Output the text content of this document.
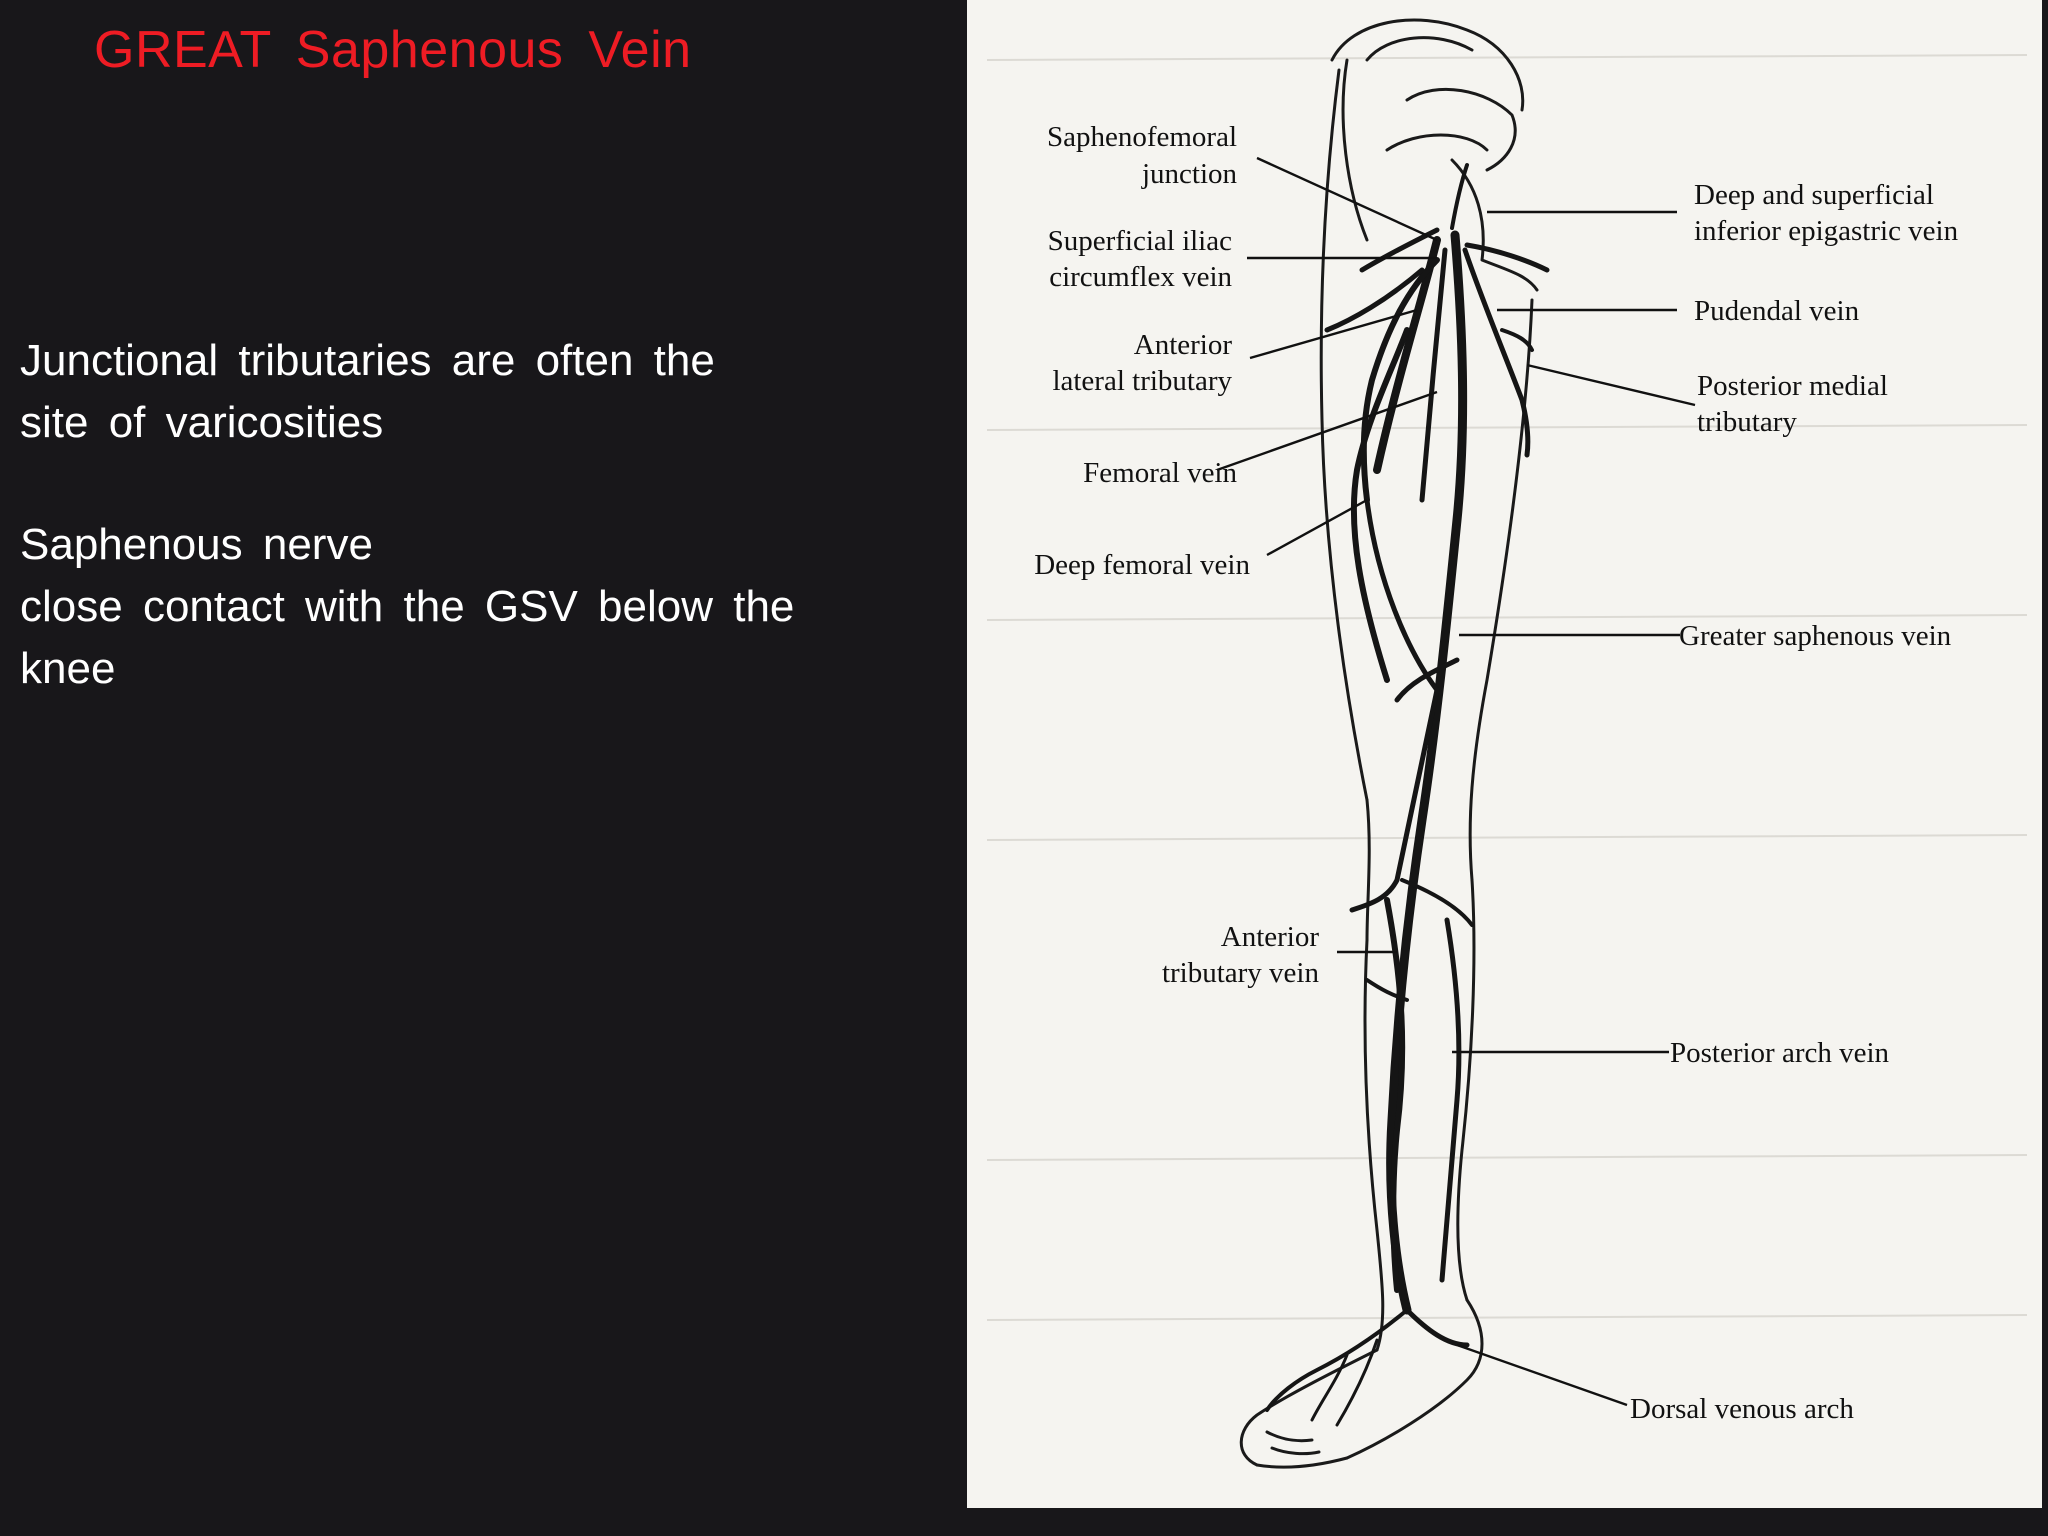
GREAT Saphenous Vein
Junctional tributaries are often the
site of varicosities
Saphenous nerve
close contact with the GSV below the
knee
Saphenofemoral
junction
Superficial iliac
circumflex vein
Anterior
lateral tributary
Femoral vein
Deep femoral vein
Anterior
tributary vein
Deep and superficial
inferior epigastric vein
Pudendal vein
Posterior medial
tributary
Greater saphenous vein
Posterior arch vein
Dorsal venous arch
